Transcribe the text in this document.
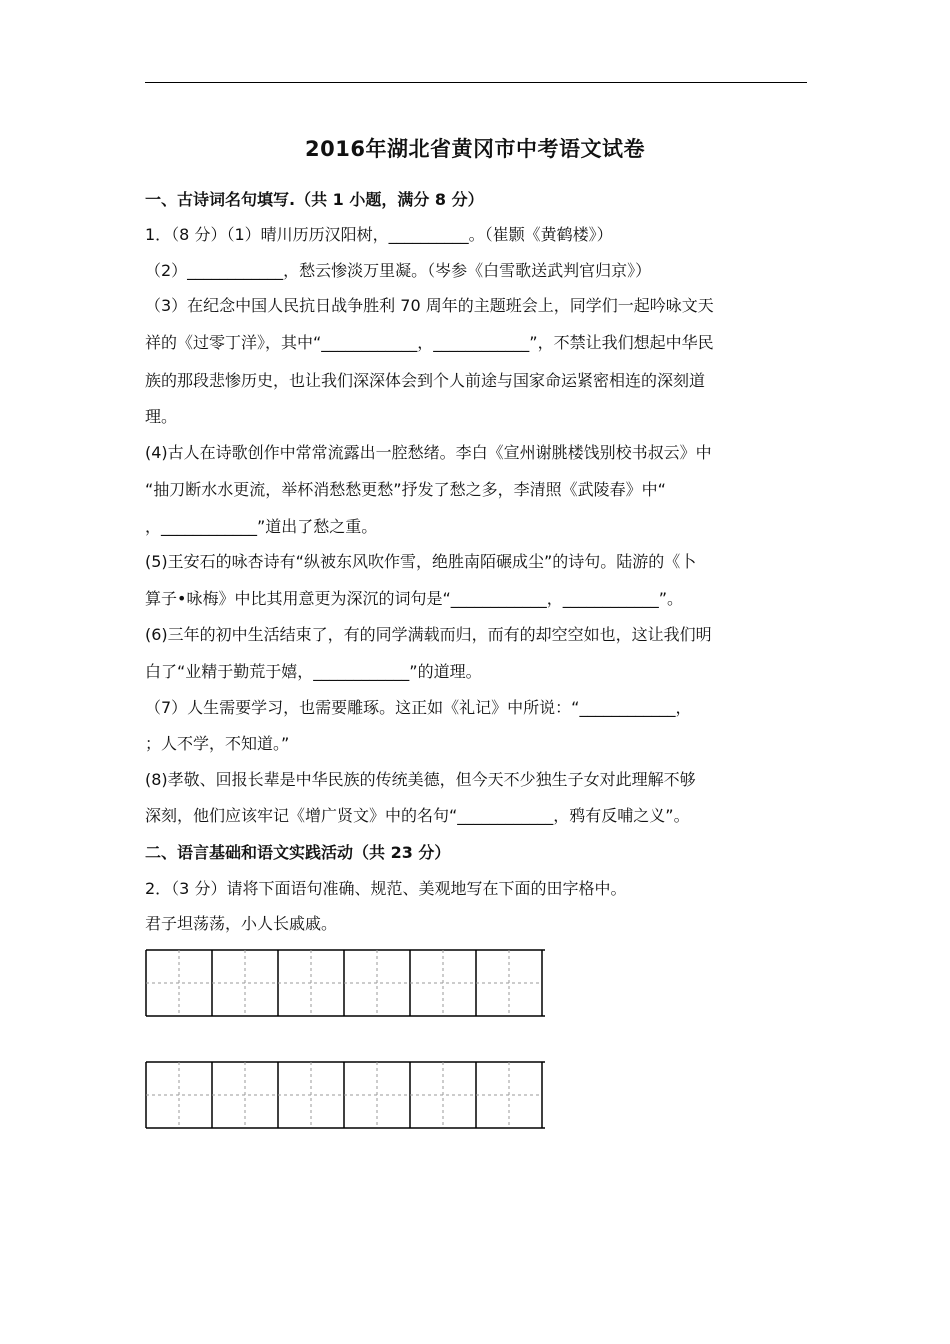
2016年湖北省黄冈市中考语文试卷
一、古诗词名句填写.（共 1 小题，满分 8 分）
1．（8 分）（1）晴川历历汉阳树，__________。（崔颢《黄鹤楼》）
（2）____________，愁云惨淡万里凝。（岑参《白雪歌送武判官归京》）
（3）在纪念中国人民抗日战争胜利 70 周年的主题班会上，同学们一起吟咏文天
祥的《过零丁洋》，其中“____________，____________”，不禁让我们想起中华民
族的那段悲惨历史，也让我们深深体会到个人前途与国家命运紧密相连的深刻道
理。
(4)古人在诗歌创作中常常流露出一腔愁绪。李白《宣州谢朓楼饯别校书叔云》中
“抽刀断水水更流，举杯消愁愁更愁”抒发了愁之多，李清照《武陵春》中“
，____________”道出了愁之重。
(5)王安石的咏杏诗有“纵被东风吹作雪，绝胜南陌碾成尘”的诗句。陆游的《卜
算子•咏梅》中比其用意更为深沉的词句是“____________，____________”。
(6)三年的初中生活结束了，有的同学满载而归，而有的却空空如也，这让我们明
白了“业精于勤荒于嬉，____________”的道理。
（7）人生需要学习，也需要雕琢。这正如《礼记》中所说：“____________，
；人不学，不知道。”
(8)孝敬、回报长辈是中华民族的传统美德，但今天不少独生子女对此理解不够
深刻，他们应该牢记《增广贤文》中的名句“____________，鸦有反哺之义”。
二、语言基础和语文实践活动（共 23 分）
2．（3 分）请将下面语句准确、规范、美观地写在下面的田字格中。
君子坦荡荡，小人长戚戚。
